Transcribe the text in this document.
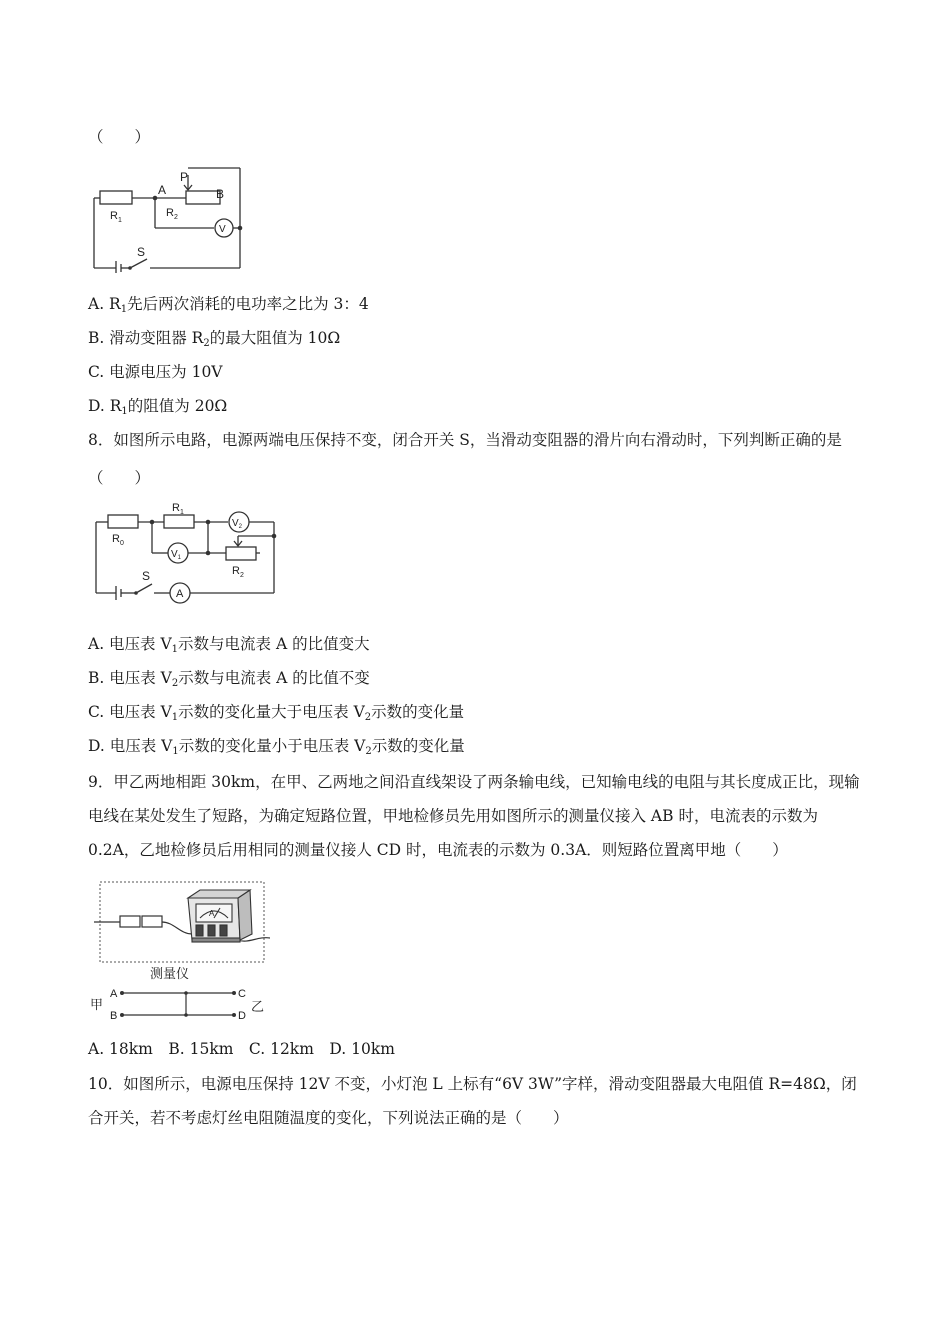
（　　）
A
P
B
$R_1$
$R_2$
V
S
A. $R_1$先后两次消耗的电功率之比为 3：4
B. 滑动变阻器 $R_2$的最大阻值为 10Ω
C. 电源电压为 10V
D. $R_1$的阻值为 20Ω
8．如图所示电路，电源两端电压保持不变，闭合开关 S，当滑动变阻器的滑片向右滑动时，下列判断正确的是
（　　）
$R_0$
$R_1$
$R_2$
$V_2$
$V_1$
S
A
A. 电压表 $V_1$示数与电流表 A 的比值变大
B. 电压表 $V_2$示数与电流表 A 的比值不变
C. 电压表 $V_1$示数的变化量大于电压表 $V_2$示数的变化量
D. 电压表 $V_1$示数的变化量小于电压表 $V_2$示数的变化量
9．甲乙两地相距 30km，在甲、乙两地之间沿直线架设了两条输电线，已知输电线的电阻与其长度成正比，现输电线在某处发生了短路，为确定短路位置，甲地检修员先用如图所示的测量仪接入 AB 时，电流表的示数为 0.2A，乙地检修员后用相同的测量仪接人 CD 时，电流表的示数为 0.3A．则短路位置离甲地（　　）
A
测量仪
甲
A
B
C
D
乙
A. 18km　B. 15km　C. 12km　D. 10km
10．如图所示，电源电压保持 12V 不变，小灯泡 L 上标有“6V 3W”字样，滑动变阻器最大电阻值 R=48Ω，闭合开关，若不考虑灯丝电阻随温度的变化，下列说法正确的是（　　）
